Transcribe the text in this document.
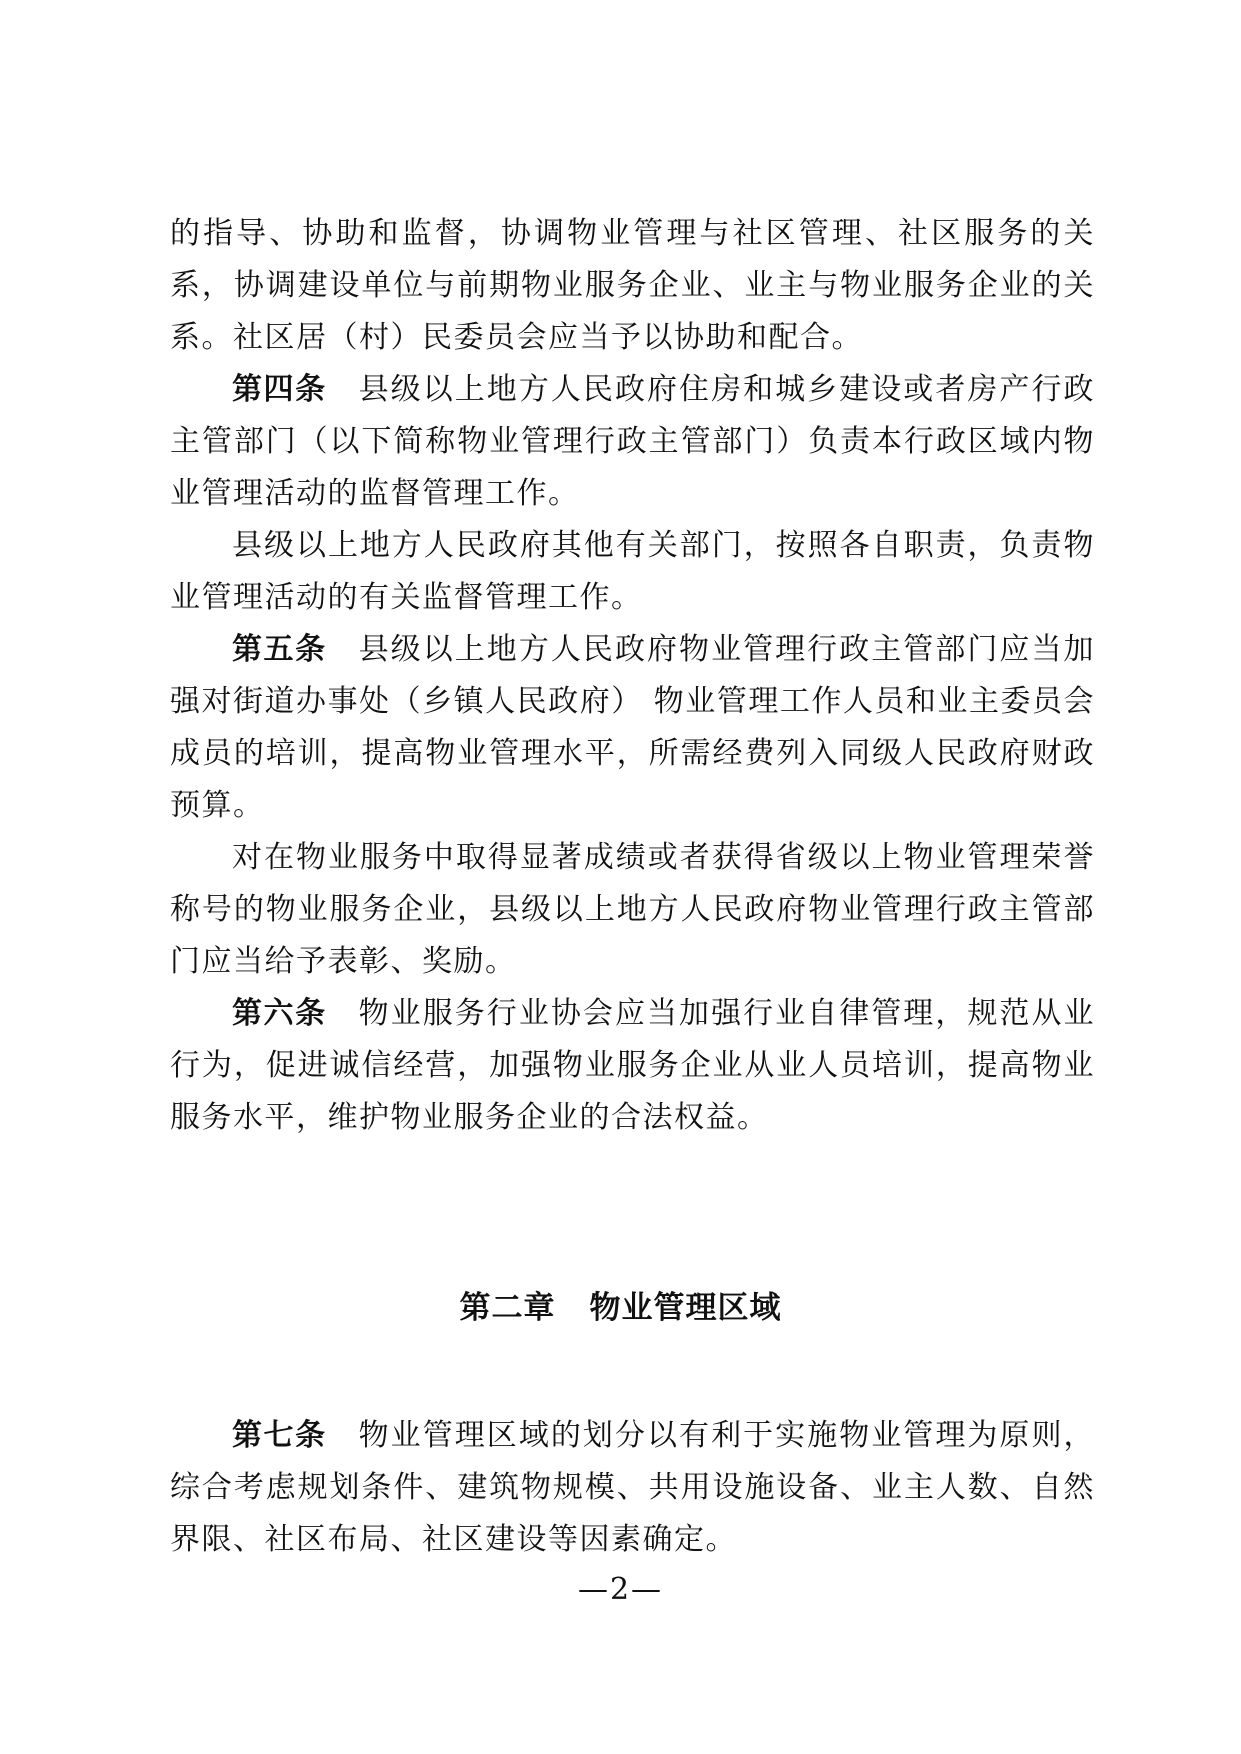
的指导、协助和监督，协调物业管理与社区管理、社区服务的关系，协调建设单位与前期物业服务企业、业主与物业服务企业的关系。社区居（村）民委员会应当予以协助和配合。

第四条 县级以上地方人民政府住房和城乡建设或者房产行政主管部门（以下简称物业管理行政主管部门）负责本行政区域内物业管理活动的监督管理工作。

县级以上地方人民政府其他有关部门，按照各自职责，负责物业管理活动的有关监督管理工作。

第五条 县级以上地方人民政府物业管理行政主管部门应当加强对街道办事处（乡镇人民政府） 物业管理工作人员和业主委员会成员的培训，提高物业管理水平，所需经费列入同级人民政府财政预算。

对在物业服务中取得显著成绩或者获得省级以上物业管理荣誉称号的物业服务企业，县级以上地方人民政府物业管理行政主管部门应当给予表彰、奖励。

第六条 物业服务行业协会应当加强行业自律管理，规范从业行为，促进诚信经营，加强物业服务企业从业人员培训，提高物业服务水平，维护物业服务企业的合法权益。

第二章 物业管理区域

第七条 物业管理区域的划分以有利于实施物业管理为原则，综合考虑规划条件、建筑物规模、共用设施设备、业主人数、自然界限、社区布局、社区建设等因素确定。

—2—
